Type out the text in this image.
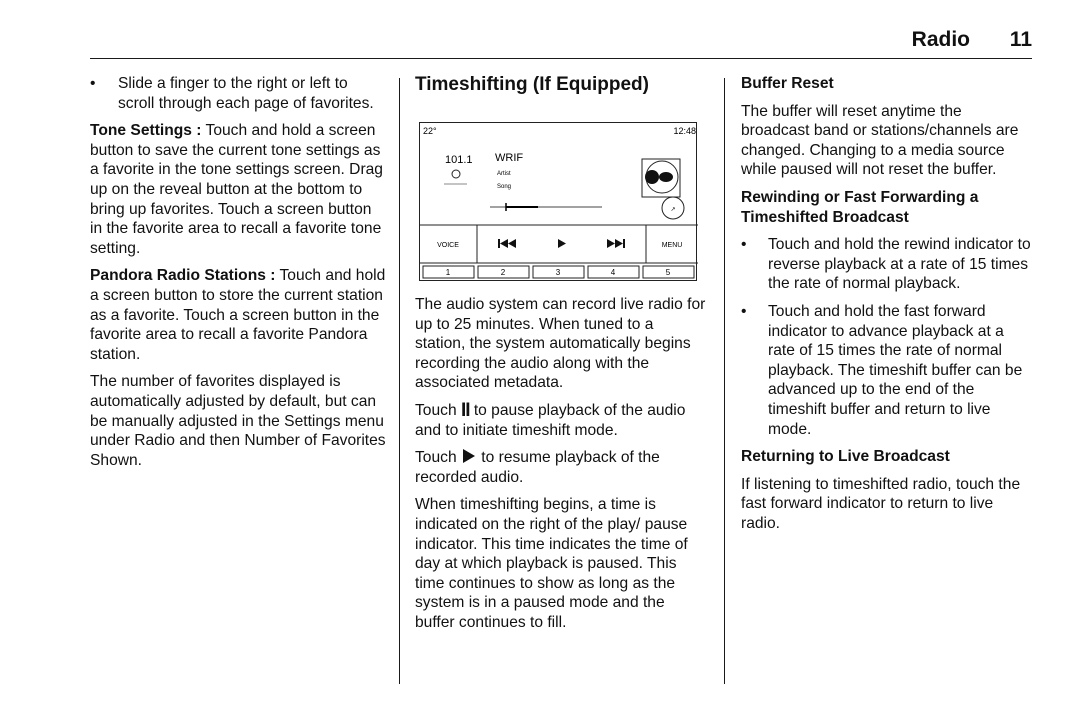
Radio 11
• Slide a finger to the right or left to scroll through each page of favorites.

Tone Settings : Touch and hold a screen button to save the current tone settings as a favorite in the tone settings screen. Drag up on the reveal button at the bottom to bring up favorites. Touch a screen button in the favorite area to recall a favorite tone setting.

Pandora Radio Stations : Touch and hold a screen button to store the current station as a favorite. Touch a screen button in the favorite area to recall a favorite Pandora station.

The number of favorites displayed is automatically adjusted by default, but can be manually adjusted in the Settings menu under Radio and then Number of Favorites Shown.

Timeshifting (If Equipped)
22°	12:48
101.1 WRIF
Artist
Song
↗
VOICE	MENU
1	2	3	4	5

The audio system can record live radio for up to 25 minutes. When tuned to a station, the system automatically begins recording the audio along with the associated metadata.

Touch II to pause playback of the audio and to initiate timeshift mode.

Touch  to resume playback of the recorded audio.

When timeshifting begins, a time is indicated on the right of the play/ pause indicator. This time indicates the time of day at which playback is paused. This time continues to show as long as the system is in a paused mode and the buffer continues to fill.

Buffer Reset

The buffer will reset anytime the broadcast band or stations/channels are changed. Changing to a media source while paused will not reset the buffer.

Rewinding or Fast Forwarding a Timeshifted Broadcast
• Touch and hold the rewind indicator to reverse playback at a rate of 15 times the rate of normal playback.
• Touch and hold the fast forward indicator to advance playback at a rate of 15 times the rate of normal playback. The timeshift buffer can be advanced up to the end of the timeshift buffer and return to live mode.
Returning to Live Broadcast

If listening to timeshifted radio, touch the fast forward indicator to return to live radio.
